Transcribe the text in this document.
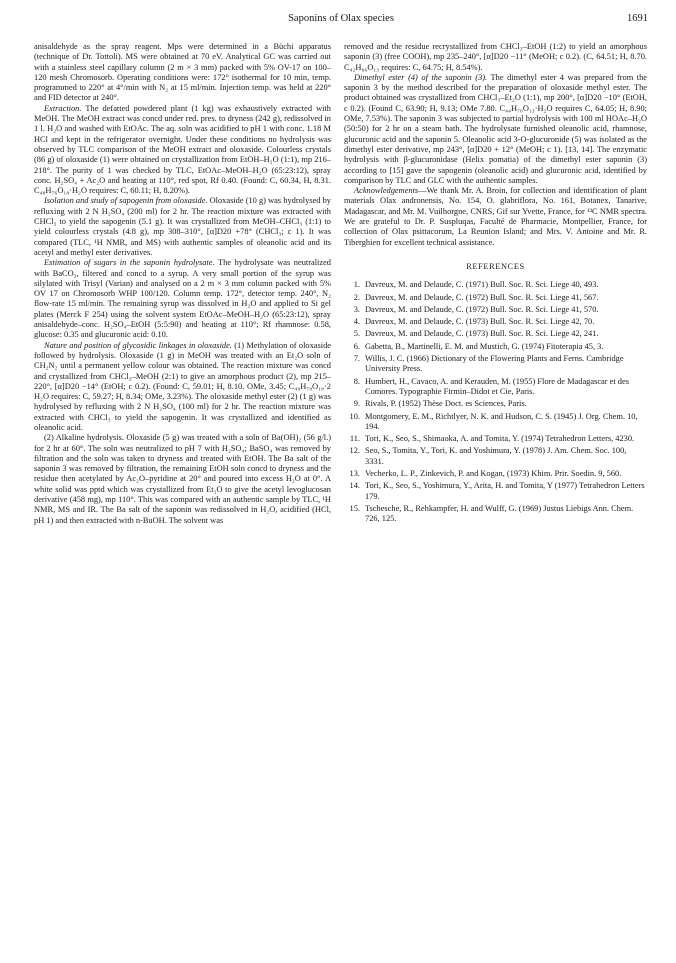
Saponins of Olax species	1691

anisaldehyde as the spray reagent. Mps were determined in a Büchi apparatus (technique of Dr. Tottoli). MS were obtained at 70 eV. Analytical GC was carried out with a stainless steel capillary column (2 m × 3 mm) packed with 5% OV-17 on 100–120 mesh Chromosorb. Operating conditions were: 172° isothermal for 10 min, temp. programmed to 220° at 4°/min with N₂ at 15 ml/min. Injection temp. was held at 220° and FID detector at 240°.

Extraction. The defatted powdered plant (1 kg) was exhaustively extracted with MeOH. The MeOH extract was concd under red. pres. to dryness (242 g), redissolved in 1 l. H₂O and washed with EtOAc. The aq. soln was acidified to pH 1 with conc. 1.18 M HCl and kept in the refrigerator overnight. Under these conditions no hydrolysis was observed by TLC comparison of the MeOH extract and oloxaside. Colourless crystals (86 g) of oloxaside (1) were obtained on crystallization from EtOH–H₂O (1:1), mp 216–218°. The purity of 1 was checked by TLC, EtOAc–MeOH–H₂O (65:23:12), spray conc. H₂SO₄ + Ac₂O and heating at 110°, red spot, Rf 0.40. (Found: C, 60.34, H, 8.31. C₄₈H₇₆O₁₈·H₂O requires: C, 60.11; H, 8.20%).

Isolation and study of sapogenin from oloxaside. Oloxaside (10 g) was hydrolysed by refluxing with 2 N H₂SO₄ (200 ml) for 2 hr. The reaction mixture was extracted with CHCl₃ to yield the sapogenin (5.1 g). It was crystallized from MeOH–CHCl₃ (1:1) to yield colourless crystals (4.8 g), mp 308–310°, [α]D20 +78° (CHCl₃; c 1). It was compared (TLC, ¹H NMR, and MS) with authentic samples of oleanolic acid and its acetyl and methyl ester derivatives.

Estimation of sugars in the saponin hydrolysate. The hydrolysate was neutralized with BaCO₃, filtered and concd to a syrup. A very small portion of the syrup was silylated with Trisyl (Varian) and analysed on a 2 m × 3 mm column packed with 5% OV 17 on Chromosorb WHP 100/120. Column temp. 172°, detector temp. 240°, N₂ flow-rate 15 ml/min. The remaining syrup was dissolved in H₂O and applied to Si gel plates (Merck F 254) using the solvent system EtOAc–MeOH–H₂O (65:23:12), spray anisaldehyde–conc. H₂SO₄–EtOH (5:5:90) and heating at 110°; Rf rhamnose: 0.58, glucose: 0.35 and glucuronic acid: 0.10.

Nature and position of glycosidic linkages in oloxaside. (1) Methylation of oloxaside followed by hydrolysis. Oloxaside (1 g) in MeOH was treated with an Et₂O soln of CH₂N₂ until a permanent yellow colour was obtained. The reaction mixture was concd and crystallized from CHCl₃–MeOH (2:1) to give an amorphous product (2), mp 215–220°, [α]D20 −14° (EtOH; c 0.2). (Found: C, 59.01; H, 8.10. OMe, 3.45; C₄₉H₇₈O₁₈·2 H₂O requires: C, 59.27; H, 8.34; OMe, 3.23%). The oloxaside methyl ester (2) (1 g) was hydrolysed by refluxing with 2 N H₂SO₄ (100 ml) for 2 hr. The reaction mixture was extracted with CHCl₃ to yield the sapogenin. It was crystallized and identified as oleanolic acid.

(2) Alkaline hydrolysis. Oloxaside (5 g) was treated with a soln of Ba(OH)₂ (56 g/l.) for 2 hr at 60°. The soln was neutralized to pH 7 with H₂SO₄; BaSO₄ was removed by filtration and the soln was taken to dryness and treated with EtOH. The Ba salt of the saponin 3 was removed by filtration, the remaining EtOH soln concd to dryness and the residue then acetylated by Ac₂O–pyridine at 20° and poured into excess H₂O at 0°. A white solid was pptd which was crystallized from Et₂O to give the acetyl levoglucosan derivative (458 mg), mp 110°. This was compared with an authentic sample by TLC, ¹H NMR, MS and IR. The Ba salt of the saponin was redissolved in H₂O, acidified (HCl, pH 1) and then extracted with n-BuOH. The solvent was

removed and the residue recrystallized from CHCl₃–EtOH (1:2) to yield an amorphous saponin (3) (free COOH), mp 235–240°, [α]D20 −11° (MeOH; c 0.2). (C, 64.51; H, 8.70. C₄₂H₆₆O₁₃ requires: C, 64.75; H, 8.54%).

Dimethyl ester (4) of the saponin (3). The dimethyl ester 4 was prepared from the saponin 3 by the method described for the preparation of oloxaside methyl ester. The product obtained was crystallized from CHCl₃–Et₂O (1:1), mp 200°, [α]D20 −10° (EtOH, c 0.2). (Found C, 63.90; H, 9.13; OMe 7.80. C₄₄H₇₀O₁₃·H₂O requires C, 64.05; H, 8.90; OMe, 7.53%). The saponin 3 was subjected to partial hydrolysis with 100 ml HOAc–H₂O (50:50) for 2 hr on a steam bath. The hydrolysate furnished oleanolic acid, rhamnose, glucuronic acid and the saponin 5. Oleanolic acid 3-O-glucuronide (5) was isolated as the dimethyl ester derivative, mp 243°, [α]D20 + 12° (MeOH; c 1). [13, 14]. The enzymatic hydrolysis with β-glucuronidase (Helix pomatia) of the dimethyl ester saponin (3) according to [15] gave the sapogenin (oleanolic acid) and glucuronic acid, identified by comparison by TLC and GLC with the authentic samples.

Acknowledgements—We thank Mr. A. Broin, for collection and identification of plant materials Olax andronensis, No. 154, O. glabriflora, No. 161, Botanex, Tanarive, Madagascar, and Mr. M. Vuilhorgne, CNRS, Gif sur Yvette, France, for ¹³C NMR spectra. We are grateful to Dr. P. Suspluqas, Faculté de Pharmacie, Montpellier, France, for collection of Olax psittacorum, La Reunion Island; and Mrs. V. Antoine and Mr. R. Tiberghien for excellent technical assistance.

REFERENCES
1. Davreux, M. and Delaude, C. (1971) Bull. Soc. R. Sci. Liege 40, 493.
2. Davreux, M. and Delaude, C. (1972) Bull. Soc. R. Sci. Liege 41, 567.
3. Davreux, M. and Delaude, C. (1972) Bull. Soc. R. Sci. Liege 41, 570.
4. Davreux, M. and Delaude, C. (1973) Bull. Soc. R. Sci. Liege 42, 70.
5. Davreux, M. and Delaude, C. (1973) Bull. Soc. R. Sci. Liege 42, 241.
6. Gabetta, B., Martinelli, E. M. and Mustich, G. (1974) Fitoterapia 45, 3.
7. Willis, J. C. (1966) Dictionary of the Flowering Plants and Ferns. Cambridge University Press.
8. Humbert, H., Cavaco, A. and Kerauden, M. (1955) Flore de Madagascar et des Comores. Typographie Firmin–Didot et Cie, Paris.
9. Rivals, P. (1952) Thèse Doct. es Sciences, Paris.
10. Montgomery, E. M., Richtlyer, N. K. and Hudson, C. S. (1945) J. Org. Chem. 10, 194.
11. Tori, K., Seo, S., Shimaoka, A. and Tomita, Y. (1974) Tetrahedron Letters, 4230.
12. Seo, S., Tomita, Y., Tori, K. and Yoshimura, Y. (1978) J. Am. Chem. Soc. 100, 3331.
13. Vecherko, L. P., Zinkevich, P. and Kogan, (1973) Khim. Prir. Soedin. 9, 560.
14. Tori, K., Seo, S., Yoshimura, Y., Arita, H. and Tomita, Y (1977) Tetrahedron Letters 179.
15. Tschesche, R., Rehkampfer, H. and Wulff, G. (1969) Justus Liebigs Ann. Chem. 726, 125.
